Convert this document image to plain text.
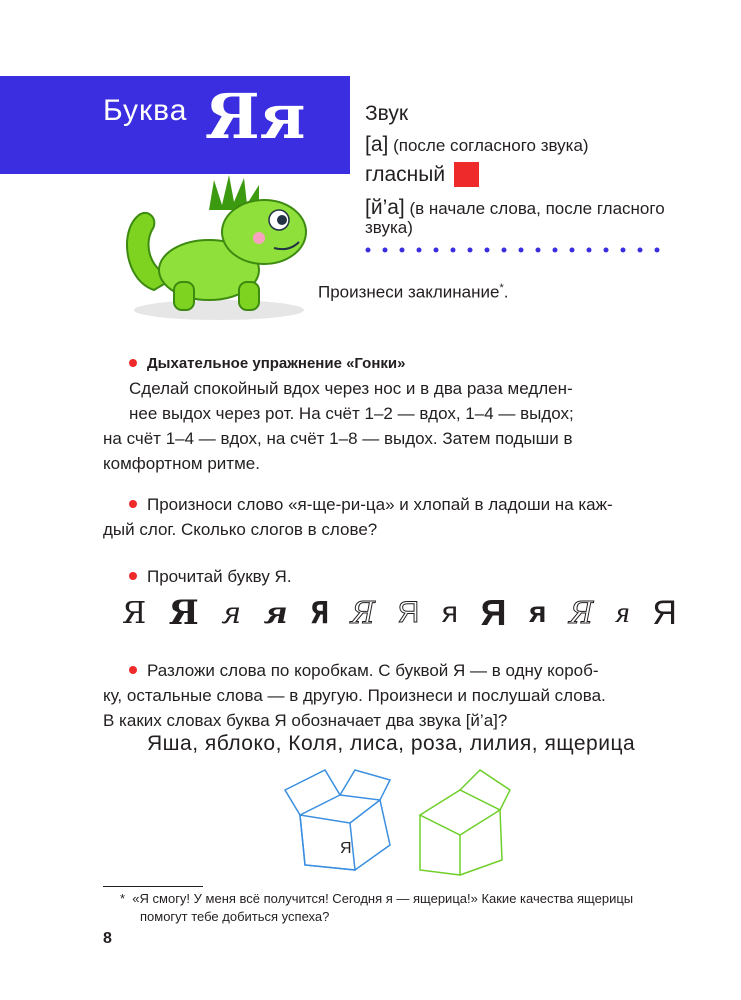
Буква Яя	Звук
[а] (после согласного звука)
гласный
[й’а] (в начале слова, после гласного
звука)
Произнеси заклинание*.
Дыхательное упражнение «Гонки»
Сделай спокойный вдох через нос и в два раза медлен-
нее выдох через рот. На счёт 1–2 — вдох, 1–4 — выдох;
на счёт 1–4 — вдох, на счёт 1–8 — выдох. Затем подыши в
комфортном ритме.
Произноси слово «я-ще-ри-ца» и хлопай в ладоши на каж-
дый слог. Сколько слогов в слове?
Прочитай букву Я.
Я Я я я Я Я Я я Я я Я я Я
Разложи слова по коробкам. С буквой Я — в одну короб-
ку, остальные слова — в другую. Произнеси и послушай слова.
В каких словах буква Я обозначает два звука [й’а]?
Яша, яблоко, Коля, лиса, роза, лилия, ящерица
Я
* «Я смогу! У меня всё получится! Сегодня я — ящерица!» Какие качества ящерицы
помогут тебе добиться успеха?
8
